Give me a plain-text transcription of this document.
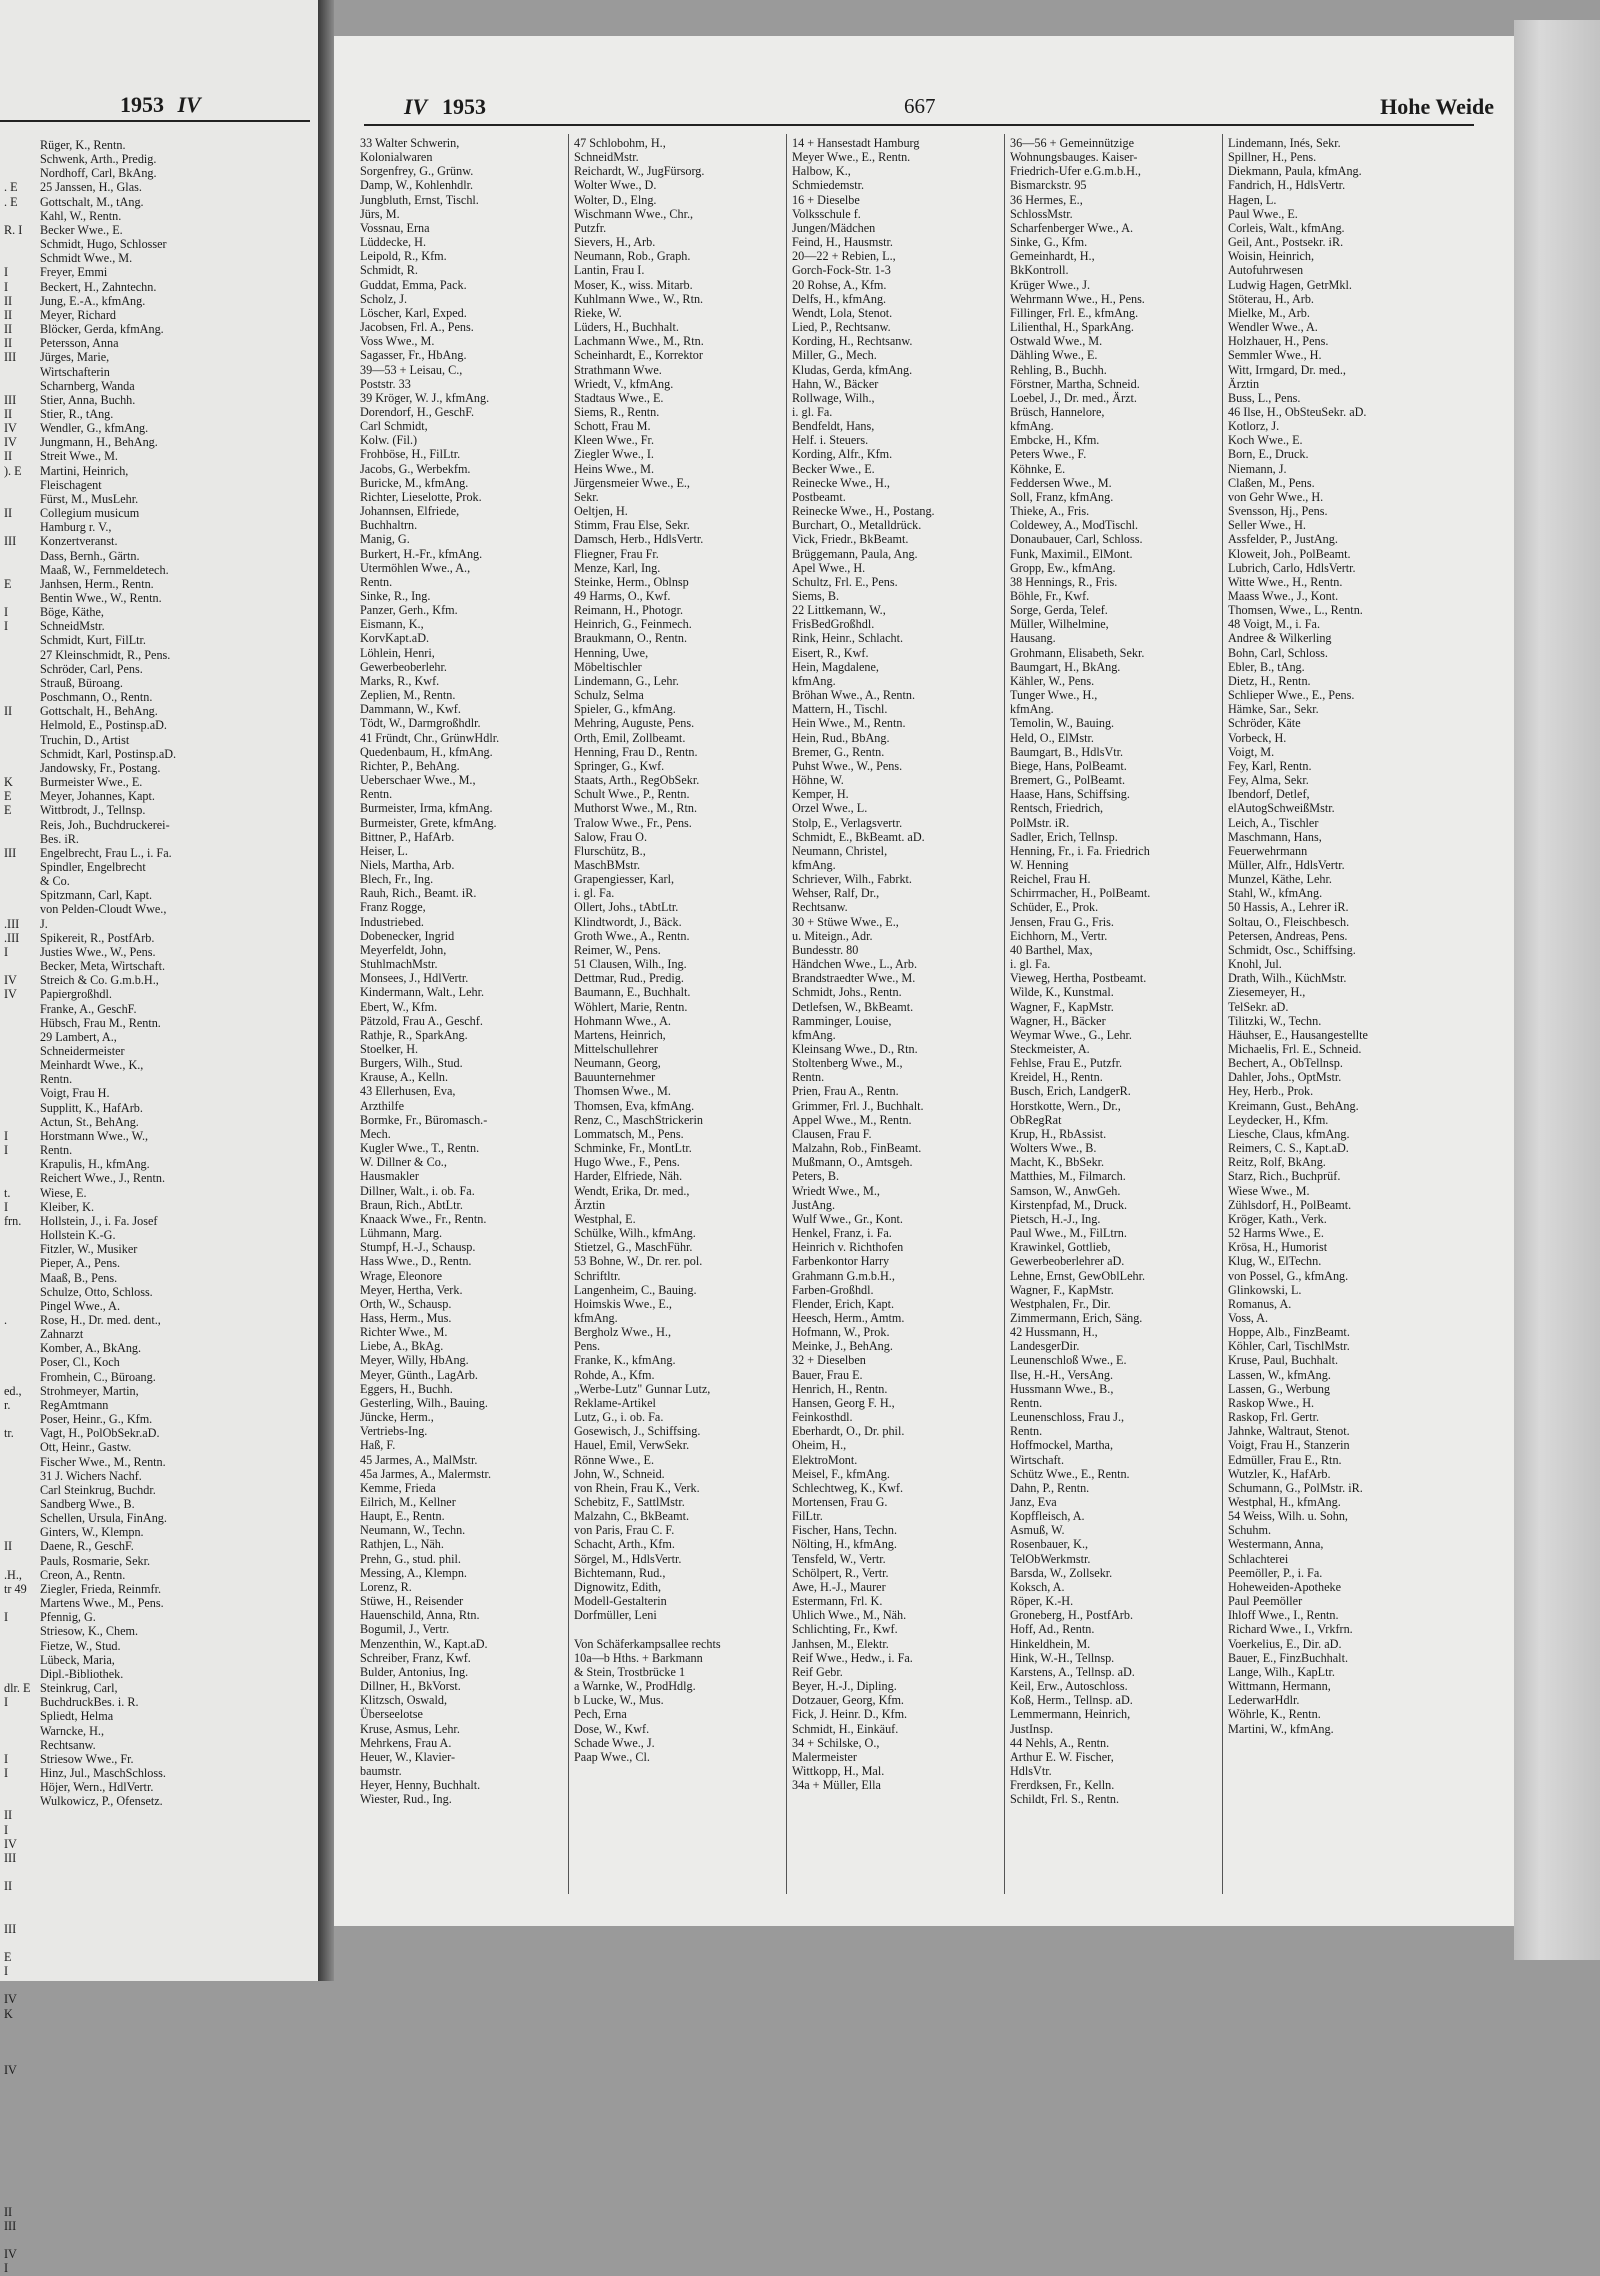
1953 IV

. E
. E

R. I

I
I
II
II
II
II
III

III
II
IV
IV
II
). E

II

III

E

I
I

II

K
E
E

III

.III
.III
I

IV
IV

I
I

t.
I
frn.

.

ed.,
r.

tr.

II

.H.,
tr 49

I

dlr. E
I

I
I

II
I
IV
III

II

III

E
I

IV
K

IV

II
III

IV
I
Rüger, K., Rentn.
Schwenk, Arth., Predig.
Nordhoff, Carl, BkAng.
25 Janssen, H., Glas.
Gottschalt, M., tAng.
Kahl, W., Rentn.
Becker Wwe., E.
Schmidt, Hugo, Schlosser
Schmidt Wwe., M.
Freyer, Emmi
Beckert, H., Zahntechn.
Jung, E.-A., kfmAng.
Meyer, Richard
Blöcker, Gerda, kfmAng.
Petersson, Anna
Jürges, Marie,
Wirtschafterin
Scharnberg, Wanda
Stier, Anna, Buchh.
Stier, R., tAng.
Wendler, G., kfmAng.
Jungmann, H., BehAng.
Streit Wwe., M.
Martini, Heinrich,
Fleischagent
Fürst, M., MusLehr.
Collegium musicum
Hamburg r. V.,
Konzertveranst.
Dass, Bernh., Gärtn.
Maaß, W., Fernmeldetech.
Janhsen, Herm., Rentn.
Bentin Wwe., W., Rentn.
Böge, Käthe,
SchneidMstr.
Schmidt, Kurt, FilLtr.
27 Kleinschmidt, R., Pens.
Schröder, Carl, Pens.
Strauß, Büroang.
Poschmann, O., Rentn.
Gottschalt, H., BehAng.
Helmold, E., Postinsp.aD.
Truchin, D., Artist
Schmidt, Karl, Postinsp.aD.
Jandowsky, Fr., Postang.
Burmeister Wwe., E.
Meyer, Johannes, Kapt.
Wittbrodt, J., Tellnsp.
Reis, Joh., Buchdruckerei-
Bes. iR.
Engelbrecht, Frau L., i. Fa.
Spindler, Engelbrecht
& Co.
Spitzmann, Carl, Kapt.
von Pelden-Cloudt Wwe.,
J.
Spikereit, R., PostfArb.
Justies Wwe., W., Pens.
Becker, Meta, Wirtschaft.
Streich & Co. G.m.b.H.,
Papiergroßhdl.
Franke, A., GeschF.
Hübsch, Frau M., Rentn.
29 Lambert, A.,
Schneidermeister
Meinhardt Wwe., K.,
Rentn.
Voigt, Frau H.
Supplitt, K., HafArb.
Actun, St., BehAng.
Horstmann Wwe., W.,
Rentn.
Krapulis, H., kfmAng.
Reichert Wwe., J., Rentn.
Wiese, E.
Kleiber, K.
Hollstein, J., i. Fa. Josef
Hollstein K.-G.
Fitzler, W., Musiker
Pieper, A., Pens.
Maaß, B., Pens.
Schulze, Otto, Schloss.
Pingel Wwe., A.
Rose, H., Dr. med. dent.,
Zahnarzt
Komber, A., BkAng.
Poser, Cl., Koch
Fromhein, C., Büroang.
Strohmeyer, Martin,
RegAmtmann
Poser, Heinr., G., Kfm.
Vagt, H., PolObSekr.aD.
Ott, Heinr., Gastw.
Fischer Wwe., M., Rentn.
31 J. Wichers Nachf.
Carl Steinkrug, Buchdr.
Sandberg Wwe., B.
Schellen, Ursula, FinAng.
Ginters, W., Klempn.
Daene, R., GeschF.
Pauls, Rosmarie, Sekr.
Creon, A., Rentn.
Ziegler, Frieda, Reinmfr.
Martens Wwe., M., Pens.
Pfennig, G.
Striesow, K., Chem.
Fietze, W., Stud.
Lübeck, Maria,
Dipl.-Bibliothek.
Steinkrug, Carl,
BuchdruckBes. i. R.
Spliedt, Helma
Warncke, H.,
Rechtsanw.
Striesow Wwe., Fr.
Hinz, Jul., MaschSchloss.
Höjer, Wern., HdlVertr.
Wulkowicz, P., Ofensetz.
IV 1953	667	Hohe Weide
33 Walter Schwerin,
Kolonialwaren
Sorgenfrey, G., Grünw.
Damp, W., Kohlenhdlr.
Jungbluth, Ernst, Tischl.
Jürs, M.
Vossnau, Erna
Lüddecke, H.
Leipold, R., Kfm.
Schmidt, R.
Guddat, Emma, Pack.
Scholz, J.
Löscher, Karl, Exped.
Jacobsen, Frl. A., Pens.
Voss Wwe., M.
Sagasser, Fr., HbAng.
39—53 + Leisau, C.,
Poststr. 33
39 Kröger, W. J., kfmAng.
Dorendorf, H., GeschF.
Carl Schmidt,
Kolw. (Fil.)
Frohböse, H., FilLtr.
Jacobs, G., Werbekfm.
Buricke, M., kfmAng.
Richter, Lieselotte, Prok.
Johannsen, Elfriede,
Buchhaltrn.
Manig, G.
Burkert, H.-Fr., kfmAng.
Utermöhlen Wwe., A.,
Rentn.
Sinke, R., Ing.
Panzer, Gerh., Kfm.
Eismann, K.,
KorvKapt.aD.
Löhlein, Henri,
Gewerbeoberlehr.
Marks, R., Kwf.
Zeplien, M., Rentn.
Dammann, W., Kwf.
Tödt, W., Darmgroßhdlr.
41 Fründt, Chr., GrünwHdlr.
Quedenbaum, H., kfmAng.
Richter, P., BehAng.
Ueberschaer Wwe., M.,
Rentn.
Burmeister, Irma, kfmAng.
Burmeister, Grete, kfmAng.
Bittner, P., HafArb.
Heiser, L.
Niels, Martha, Arb.
Blech, Fr., Ing.
Rauh, Rich., Beamt. iR.
Franz Rogge,
Industriebed.
Dobenecker, Ingrid
Meyerfeldt, John,
StuhlmachMstr.
Monsees, J., HdlVertr.
Kindermann, Walt., Lehr.
Ebert, W., Kfm.
Pätzold, Frau A., Geschf.
Rathje, R., SparkAng.
Stoelker, H.
Burgers, Wilh., Stud.
Krause, A., Kelln.
43 Ellerhusen, Eva,
Arzthilfe
Bormke, Fr., Büromasch.-
Mech.
Kugler Wwe., T., Rentn.
W. Dillner & Co.,
Hausmakler
Dillner, Walt., i. ob. Fa.
Braun, Rich., AbtLtr.
Knaack Wwe., Fr., Rentn.
Lühmann, Marg.
Stumpf, H.-J., Schausp.
Hass Wwe., D., Rentn.
Wrage, Eleonore
Meyer, Hertha, Verk.
Orth, W., Schausp.
Hass, Herm., Mus.
Richter Wwe., M.
Liebe, A., BkAg.
Meyer, Willy, HbAng.
Meyer, Günth., LagArb.
Eggers, H., Buchh.
Gesterling, Wilh., Bauing.
Jüncke, Herm.,
Vertriebs-Ing.
Haß, F.
45 Jarmes, A., MalMstr.
45a Jarmes, A., Malermstr.
Kemme, Frieda
Eilrich, M., Kellner
Haupt, E., Rentn.
Neumann, W., Techn.
Rathjen, L., Näh.
Prehn, G., stud. phil.
Messing, A., Klempn.
Lorenz, R.
Stüwe, H., Reisender
Hauenschild, Anna, Rtn.
Bogumil, J., Vertr.
Menzenthin, W., Kapt.aD.
Schreiber, Franz, Kwf.
Bulder, Antonius, Ing.
Dillner, H., BkVorst.
Klitzsch, Oswald,
Überseelotse
Kruse, Asmus, Lehr.
Mehrkens, Frau A.
Heuer, W., Klavier-
baumstr.
Heyer, Henny, Buchhalt.
Wiester, Rud., Ing.
47 Schlobohm, H.,
SchneidMstr.
Reichardt, W., JugFürsorg.
Wolter Wwe., D.
Wolter, D., Elng.
Wischmann Wwe., Chr.,
Putzfr.
Sievers, H., Arb.
Neumann, Rob., Graph.
Lantin, Frau I.
Moser, K., wiss. Mitarb.
Kuhlmann Wwe., W., Rtn.
Rieke, W.
Lüders, H., Buchhalt.
Lachmann Wwe., M., Rtn.
Scheinhardt, E., Korrektor
Strathmann Wwe.
Wriedt, V., kfmAng.
Stadtaus Wwe., E.
Siems, R., Rentn.
Schott, Frau M.
Kleen Wwe., Fr.
Ziegler Wwe., I.
Heins Wwe., M.
Jürgensmeier Wwe., E.,
Sekr.
Oeltjen, H.
Stimm, Frau Else, Sekr.
Damsch, Herb., HdlsVertr.
Fliegner, Frau Fr.
Menze, Karl, Ing.
Steinke, Herm., Oblnsp
49 Harms, O., Kwf.
Reimann, H., Photogr.
Heinrich, G., Feinmech.
Braukmann, O., Rentn.
Henning, Uwe,
Möbeltischler
Lindemann, G., Lehr.
Schulz, Selma
Spieler, G., kfmAng.
Mehring, Auguste, Pens.
Orth, Emil, Zollbeamt.
Henning, Frau D., Rentn.
Springer, G., Kwf.
Staats, Arth., RegObSekr.
Schult Wwe., P., Rentn.
Muthorst Wwe., M., Rtn.
Tralow Wwe., Fr., Pens.
Salow, Frau O.
Flurschütz, B.,
MaschBMstr.
Grapengiesser, Karl,
i. gl. Fa.
Ollert, Johs., tAbtLtr.
Klindtwordt, J., Bäck.
Groth Wwe., A., Rentn.
Reimer, W., Pens.
51 Clausen, Wilh., Ing.
Dettmar, Rud., Predig.
Baumann, E., Buchhalt.
Wöhlert, Marie, Rentn.
Hohmann Wwe., A.
Martens, Heinrich,
Mittelschullehrer
Neumann, Georg,
Bauunternehmer
Thomsen Wwe., M.
Thomsen, Eva, kfmAng.
Renz, C., MaschStrickerin
Lommatsch, M., Pens.
Schminke, Fr., MontLtr.
Hugo Wwe., F., Pens.
Harder, Elfriede, Näh.
Wendt, Erika, Dr. med.,
Ärztin
Westphal, E.
Schülke, Wilh., kfmAng.
Stietzel, G., MaschFühr.
53 Bohne, W., Dr. rer. pol.
Schriftltr.
Langenheim, C., Bauing.
Hoimskis Wwe., E.,
kfmAng.
Bergholz Wwe., H.,
Pens.
Franke, K., kfmAng.
Rohde, A., Kfm.
„Werbe-Lutz" Gunnar Lutz,
Reklame-Artikel
Lutz, G., i. ob. Fa.
Gosewisch, J., Schiffsing.
Hauel, Emil, VerwSekr.
Rönne Wwe., E.
John, W., Schneid.
von Rhein, Frau K., Verk.
Schebitz, F., SattlMstr.
Malzahn, C., BkBeamt.
von Paris, Frau C. F.
Schacht, Arth., Kfm.
Sörgel, M., HdlsVertr.
Bichtemann, Rud.,
Dignowitz, Edith,
Modell-Gestalterin
Dorfmüller, Leni

Von Schäferkampsallee rechts
10a—b Hths. + Barkmann
& Stein, Trostbrücke 1
a Warnke, W., ProdHdlg.
b Lucke, W., Mus.
Pech, Erna
Dose, W., Kwf.
Schade Wwe., J.
Paap Wwe., Cl.
14 + Hansestadt Hamburg
Meyer Wwe., E., Rentn.
Halbow, K.,
Schmiedemstr.
16 + Dieselbe
Volksschule f.
Jungen/Mädchen
Feind, H., Hausmstr.
20—22 + Rebien, L.,
Gorch-Fock-Str. 1-3
20 Rohse, A., Kfm.
Delfs, H., kfmAng.
Wendt, Lola, Stenot.
Lied, P., Rechtsanw.
Kording, H., Rechtsanw.
Miller, G., Mech.
Kludas, Gerda, kfmAng.
Hahn, W., Bäcker
Rollwage, Wilh.,
i. gl. Fa.
Bendfeldt, Hans,
Helf. i. Steuers.
Kording, Alfr., Kfm.
Becker Wwe., E.
Reinecke Wwe., H.,
Postbeamt.
Reinecke Wwe., H., Postang.
Burchart, O., Metalldrück.
Vick, Friedr., BkBeamt.
Brüggemann, Paula, Ang.
Apel Wwe., H.
Schultz, Frl. E., Pens.
Siems, B.
22 Littkemann, W.,
FrisBedGroßhdl.
Rink, Heinr., Schlacht.
Eisert, R., Kwf.
Hein, Magdalene,
kfmAng.
Bröhan Wwe., A., Rentn.
Mattern, H., Tischl.
Hein Wwe., M., Rentn.
Hein, Rud., BbAng.
Bremer, G., Rentn.
Puhst Wwe., W., Pens.
Höhne, W.
Kemper, H.
Orzel Wwe., L.
Stolp, E., Verlagsvertr.
Schmidt, E., BkBeamt. aD.
Neumann, Christel,
kfmAng.
Schriever, Wilh., Fabrkt.
Wehser, Ralf, Dr.,
Rechtsanw.
30 + Stüwe Wwe., E.,
u. Miteign., Adr.
Bundesstr. 80
Händchen Wwe., L., Arb.
Brandstraedter Wwe., M.
Schmidt, Johs., Rentn.
Detlefsen, W., BkBeamt.
Ramminger, Louise,
kfmAng.
Kleinsang Wwe., D., Rtn.
Stoltenberg Wwe., M.,
Rentn.
Prien, Frau A., Rentn.
Grimmer, Frl. J., Buchhalt.
Appel Wwe., M., Rentn.
Clausen, Frau F.
Malzahn, Rob., FinBeamt.
Mußmann, O., Amtsgeh.
Peters, B.
Wriedt Wwe., M.,
JustAng.
Wulf Wwe., Gr., Kont.
Henkel, Franz, i. Fa.
Heinrich v. Richthofen
Farbenkontor Harry
Grahmann G.m.b.H.,
Farben-Großhdl.
Flender, Erich, Kapt.
Heesch, Herm., Amtm.
Hofmann, W., Prok.
Meinke, J., BehAng.
32 + Dieselben
Bauer, Frau E.
Henrich, H., Rentn.
Hansen, Georg F. H.,
Feinkosthdl.
Eberhardt, O., Dr. phil.
Oheim, H.,
ElektroMont.
Meisel, F., kfmAng.
Schlechtweg, K., Kwf.
Mortensen, Frau G.
FilLtr.
Fischer, Hans, Techn.
Nölting, H., kfmAng.
Tensfeld, W., Vertr.
Schölpert, R., Vertr.
Awe, H.-J., Maurer
Estermann, Frl. K.
Uhlich Wwe., M., Näh.
Schlichting, Fr., Kwf.
Janhsen, M., Elektr.
Reif Wwe., Hedw., i. Fa.
Reif Gebr.
Beyer, H.-J., Dipling.
Dotzauer, Georg, Kfm.
Fick, J. Heinr. D., Kfm.
Schmidt, H., Einkäuf.
34 + Schilske, O.,
Malermeister
Wittkopp, H., Mal.
34a + Müller, Ella
36—56 + Gemeinnützige
Wohnungsbauges. Kaiser-
Friedrich-Ufer e.G.m.b.H.,
Bismarckstr. 95
36 Hermes, E.,
SchlossMstr.
Scharfenberger Wwe., A.
Sinke, G., Kfm.
Gemeinhardt, H.,
BkKontroll.
Krüger Wwe., J.
Wehrmann Wwe., H., Pens.
Fillinger, Frl. E., kfmAng.
Lilienthal, H., SparkAng.
Ostwald Wwe., M.
Dähling Wwe., E.
Rehling, B., Buchh.
Förstner, Martha, Schneid.
Loebel, J., Dr. med., Ärzt.
Brüsch, Hannelore,
kfmAng.
Embcke, H., Kfm.
Peters Wwe., F.
Köhnke, E.
Feddersen Wwe., M.
Soll, Franz, kfmAng.
Thieke, A., Fris.
Coldewey, A., ModTischl.
Donaubauer, Carl, Schloss.
Funk, Maximil., ElMont.
Gropp, Ew., kfmAng.
38 Hennings, R., Fris.
Böhle, Fr., Kwf.
Sorge, Gerda, Telef.
Müller, Wilhelmine,
Hausang.
Grohmann, Elisabeth, Sekr.
Baumgart, H., BkAng.
Kähler, W., Pens.
Tunger Wwe., H.,
kfmAng.
Temolin, W., Bauing.
Held, O., ElMstr.
Baumgart, B., HdlsVtr.
Biege, Hans, PolBeamt.
Bremert, G., PolBeamt.
Haase, Hans, Schiffsing.
Rentsch, Friedrich,
PolMstr. iR.
Sadler, Erich, Tellnsp.
Henning, Fr., i. Fa. Friedrich
W. Henning
Reichel, Frau H.
Schirrmacher, H., PolBeamt.
Schüder, E., Prok.
Jensen, Frau G., Fris.
Eichhorn, M., Vertr.
40 Barthel, Max,
i. gl. Fa.
Vieweg, Hertha, Postbeamt.
Wildе, K., Kunstmal.
Wagner, F., KapMstr.
Wagner, H., Bäcker
Weymar Wwe., G., Lehr.
Steckmeister, A.
Fehlse, Frau E., Putzfr.
Kreidel, H., Rentn.
Busch, Erich, LandgerR.
Horstkotte, Wern., Dr.,
ObRegRat
Krup, H., RbAssist.
Wolters Wwe., B.
Macht, K., BbSekr.
Matthies, M., Filmarch.
Samson, W., AnwGeh.
Kirstenpfad, M., Druck.
Pietsch, H.-J., Ing.
Paul Wwe., M., FilLtrn.
Krawinkel, Gottlieb,
Gewerbeoberlehrer aD.
Lehne, Ernst, GewOblLehr.
Wagner, F., KapMstr.
Westphalen, Fr., Dir.
Zimmermann, Erich, Säng.
42 Hussmann, H.,
LandesgerDir.
Leunenschloß Wwe., E.
Ilse, H.-H., VersAng.
Hussmann Wwe., B.,
Rentn.
Leunenschloss, Frau J.,
Rentn.
Hoffmockel, Martha,
Wirtschaft.
Schütz Wwe., E., Rentn.
Dahn, P., Rentn.
Janz, Eva
Kopffleisch, A.
Asmuß, W.
Rosenbauer, K.,
TelObWerkmstr.
Barsda, W., Zollsekr.
Koksch, A.
Röper, K.-H.
Groneberg, H., PostfArb.
Hoff, Ad., Rentn.
Hinkeldhein, M.
Hink, W.-H., Tellnsp.
Karstens, A., Tellnsp. aD.
Keil, Erw., Autoschloss.
Koß, Herm., Tellnsp. aD.
Lemmermann, Heinrich,
JustInsp.
44 Nehls, A., Rentn.
Arthur E. W. Fischer,
HdlsVtr.
Frerdksen, Fr., Kelln.
Schildt, Frl. S., Rentn.
Lindemann, Inés, Sekr.
Spillner, H., Pens.
Diekmann, Paula, kfmAng.
Fandrich, H., HdlsVertr.
Hagen, L.
Paul Wwe., E.
Corleis, Walt., kfmAng.
Geil, Ant., Postsekr. iR.
Woisin, Heinrich,
Autofuhrwesen
Ludwig Hagen, GetrMkl.
Stöterau, H., Arb.
Mielke, M., Arb.
Wendler Wwe., A.
Holzhauer, H., Pens.
Semmler Wwe., H.
Witt, Irmgard, Dr. med.,
Ärztin
Buss, L., Pens.
46 Ilse, H., ObSteuSekr. aD.
Kotlorz, J.
Koch Wwe., E.
Born, E., Druck.
Niemann, J.
Claßen, M., Pens.
von Gehr Wwe., H.
Svensson, Hj., Pens.
Seller Wwe., H.
Assfelder, P., JustAng.
Kloweit, Joh., PolBeamt.
Lubrich, Carlo, HdlsVertr.
Witte Wwe., H., Rentn.
Maass Wwe., J., Kont.
Thomsen, Wwe., L., Rentn.
48 Voigt, M., i. Fa.
Andree & Wilkerling
Bohn, Carl, Schloss.
Ebler, B., tAng.
Dietz, H., Rentn.
Schlieper Wwe., E., Pens.
Hämke, Sar., Sekr.
Schröder, Käte
Vorbeck, H.
Voigt, M.
Fey, Karl, Rentn.
Fey, Alma, Sekr.
Ibendorf, Detlef,
elAutogSchweißMstr.
Leich, A., Tischler
Maschmann, Hans,
Feuerwehrmann
Müller, Alfr., HdlsVertr.
Munzel, Käthe, Lehr.
Stahl, W., kfmAng.
50 Hassis, A., Lehrer iR.
Soltau, O., Fleischbesch.
Petersen, Andreas, Pens.
Schmidt, Osc., Schiffsing.
Knohl, Jul.
Drath, Wilh., KüchMstr.
Ziesemeyer, H.,
TelSekr. aD.
Tilitzki, W., Techn.
Häuhser, E., Hausangestellte
Michaelis, Frl. E., Schneid.
Bechert, A., ObTellnsp.
Dahler, Johs., OptMstr.
Hey, Herb., Prok.
Kreimann, Gust., BehAng.
Leydecker, H., Kfm.
Liesche, Claus, kfmAng.
Reimers, C. S., Kapt.aD.
Reitz, Rolf, BkAng.
Starz, Rich., Buchprüf.
Wiese Wwe., M.
Zühlsdorf, H., PolBeamt.
Kröger, Kath., Verk.
52 Harms Wwe., E.
Krösa, H., Humorist
Klug, W., ElTechn.
von Possel, G., kfmAng.
Glinkowski, L.
Romanus, A.
Voss, A.
Hoppe, Alb., FinzBeamt.
Köhler, Carl, TischlMstr.
Kruse, Paul, Buchhalt.
Lassen, W., kfmAng.
Lassen, G., Werbung
Raskop Wwe., H.
Raskop, Frl. Gertr.
Jahnke, Waltraut, Stenot.
Voigt, Frau H., Stanzerin
Edmüller, Frau E., Rtn.
Wutzler, K., HafArb.
Schumann, G., PolMstr. iR.
Westphal, H., kfmAng.
54 Weiss, Wilh. u. Sohn,
Schuhm.
Westermann, Anna,
Schlachterei
Peemöller, P., i. Fa.
Hoheweiden-Apotheke
Paul Peemöller
Ihloff Wwe., I., Rentn.
Richard Wwe., I., Vrkfrn.
Voerkelius, E., Dir. aD.
Bauer, E., FinzBuchhalt.
Lange, Wilh., KapLtr.
Wittmann, Hermann,
LederwarHdlr.
Wöhrle, K., Rentn.
Martini, W., kfmAng.
